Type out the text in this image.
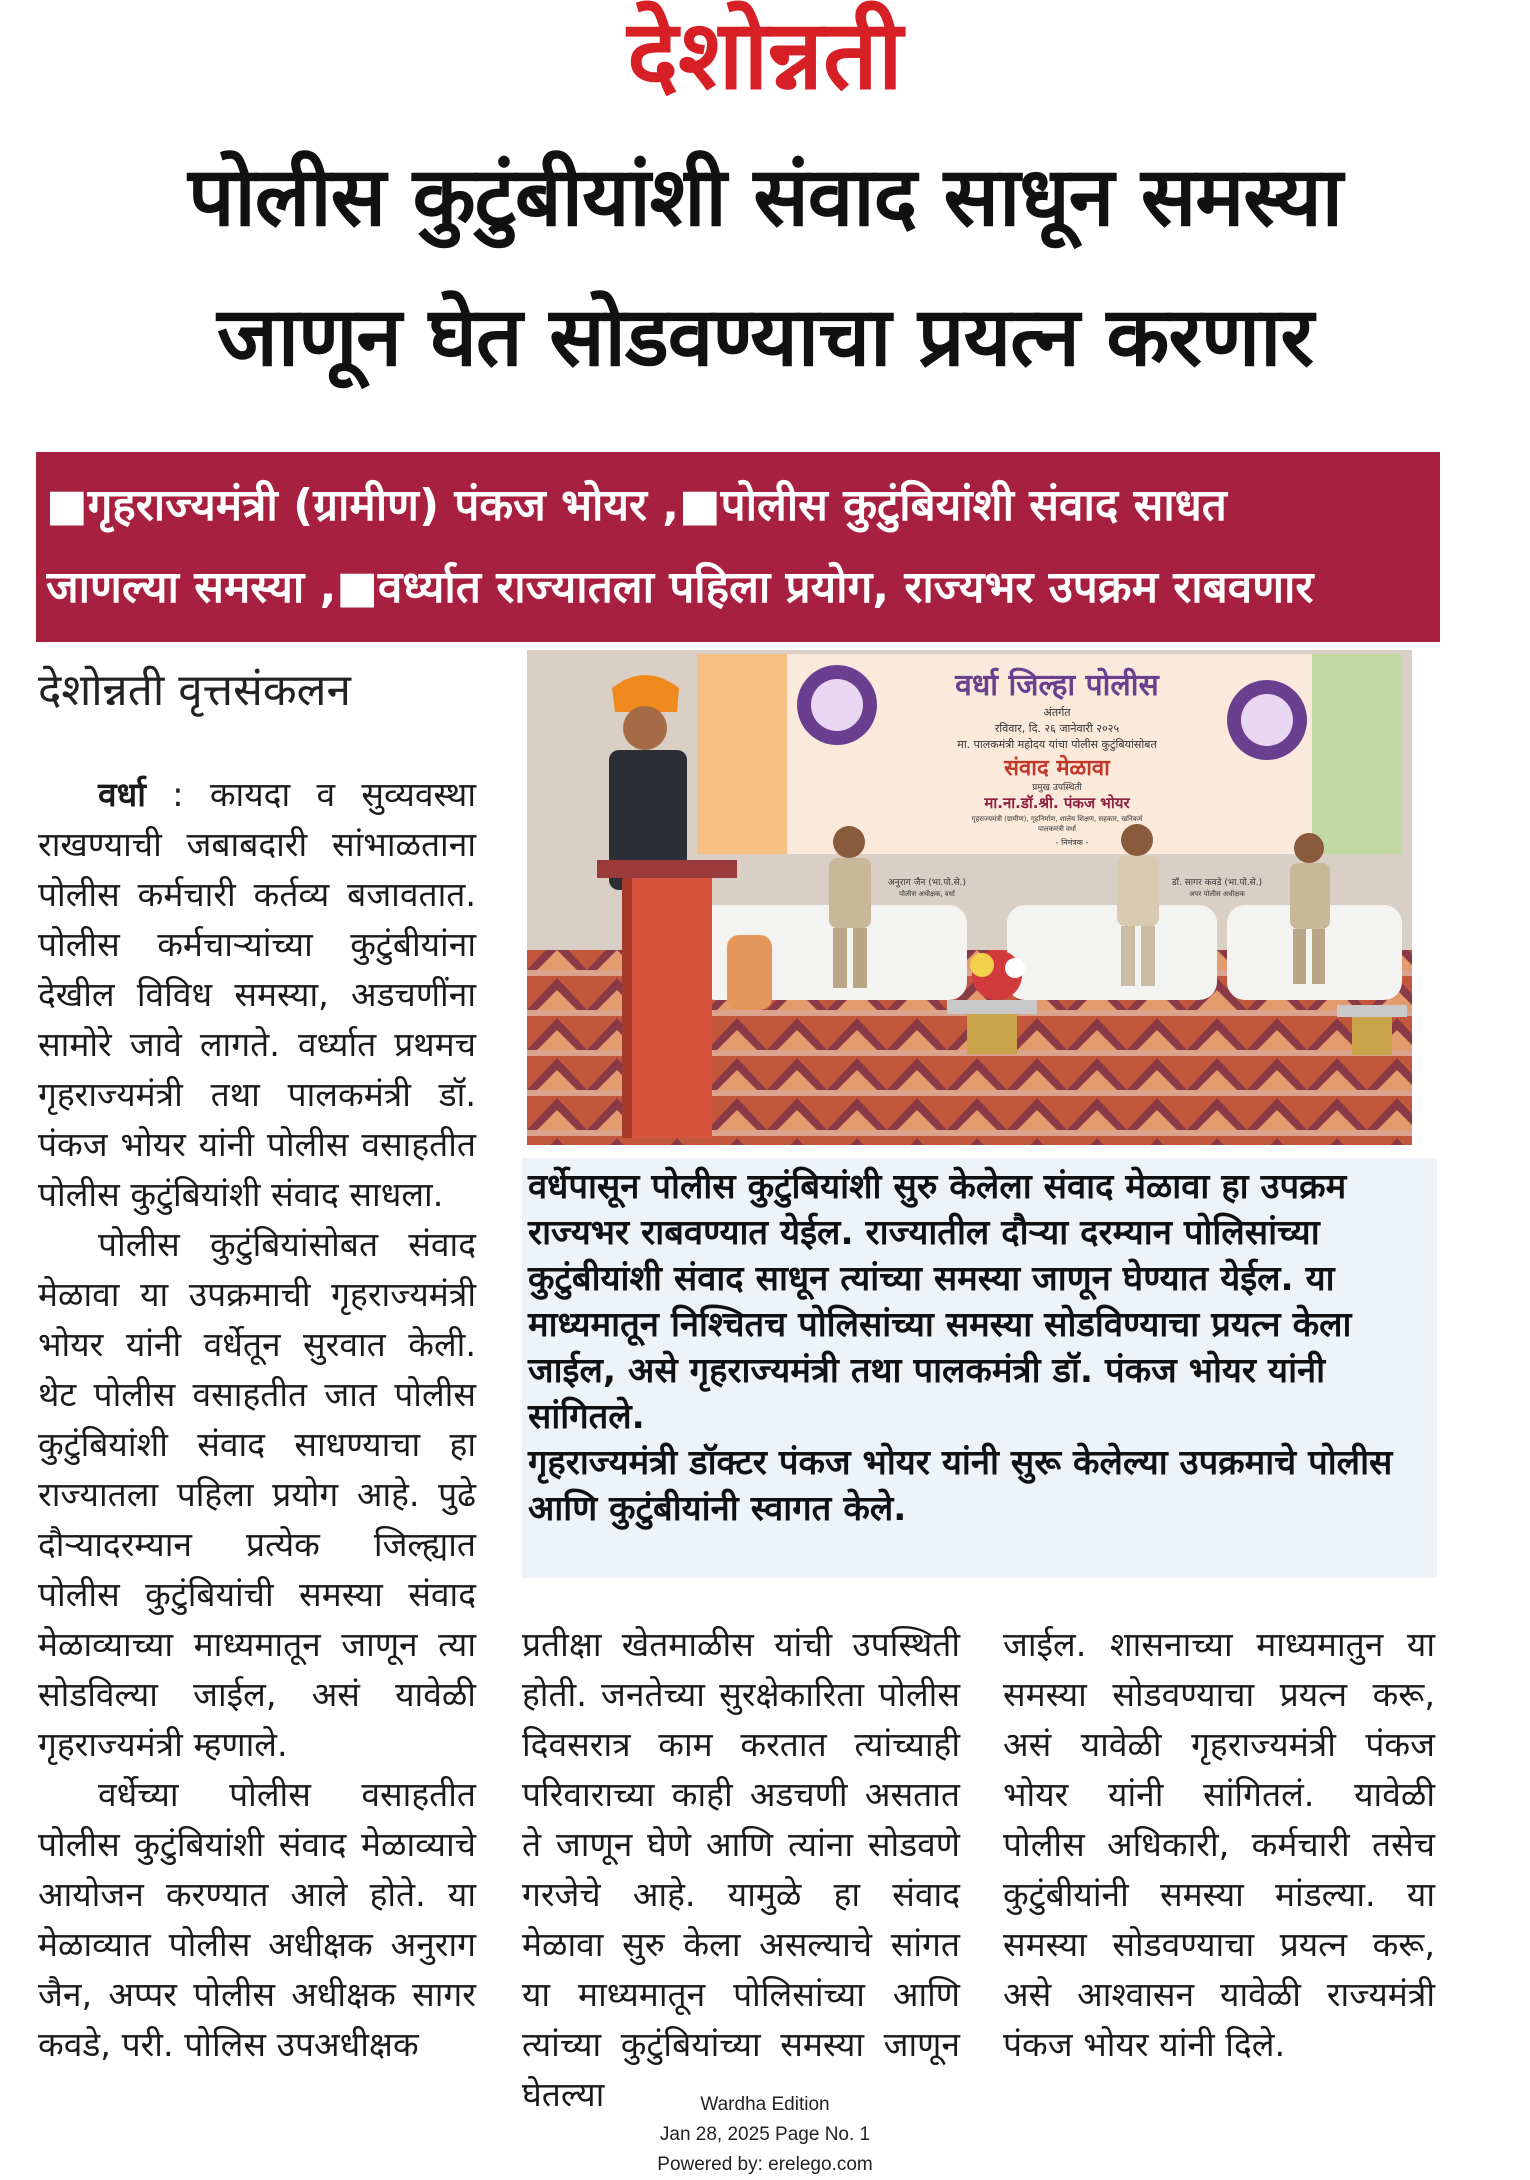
देशोन्नती
पोलीस कुटुंबीयांशी संवाद साधून समस्या
जाणून घेत सोडवण्याचा प्रयत्न करणार
■गृहराज्यमंत्री (ग्रामीण) पंकज भोयर ,■पोलीस कुटुंबियांशी संवाद साधत
जाणल्या समस्या ,■वर्ध्यात राज्यातला पहिला प्रयोग, राज्यभर उपक्रम राबवणार
देशोन्नती वृत्तसंकलन

वर्धा : कायदा व सुव्यवस्था राखण्याची जबाबदारी सांभाळताना पोलीस कर्मचारी कर्तव्य बजावतात. पोलीस कर्मचाऱ्यांच्या कुटुंबीयांना देखील विविध समस्या, अडचणींना सामोरे जावे लागते. वर्ध्यात प्रथमच गृहराज्यमंत्री तथा पालकमंत्री डॉ. पंकज भोयर यांनी पोलीस वसाहतीत पोलीस कुटुंबियांशी संवाद साधला.

पोलीस कुटुंबियांसोबत संवाद मेळावा या उपक्रमाची गृहराज्यमंत्री भोयर यांनी वर्धेतून सुरवात केली. थेट पोलीस वसाहतीत जात पोलीस कुटुंबियांशी संवाद साधण्याचा हा राज्यातला पहिला प्रयोग आहे. पुढे दौऱ्यादरम्यान प्रत्येक जिल्ह्यात पोलीस कुटुंबियांची समस्या संवाद मेळाव्याच्या माध्यमातून जाणून त्या सोडविल्या जाईल, असं यावेळी गृहराज्यमंत्री म्हणाले.

वर्धेच्या पोलीस वसाहतीत पोलीस कुटुंबियांशी संवाद मेळाव्याचे आयोजन करण्यात आले होते. या मेळाव्यात पोलीस अधीक्षक अनुराग जैन, अप्पर पोलीस अधीक्षक सागर कवडे, परी. पोलिस उपअधीक्षक

वर्धा जिल्हा पोलीस
अंतर्गत
रविवार, दि. २६ जानेवारी २०२५
मा. पालकमंत्री महोदय यांचा पोलीस कुटुंबियांसोबत
संवाद मेळावा
प्रमुख उपस्थिती
मा.ना.डॉ.श्री. पंकज भोयर
गृहराज्यमंत्री (ग्रामीण), गृहनिर्माण, शालेय शिक्षण, सहकार, खनिकर्म
पालकमंत्री वर्धा
- निमंत्रक -
अनुराग जैन (भा.पो.से.)
पोलीस अधीक्षक, वर्धा
डॉ. सागर कवडे (भा.पो.से.)
अपर पोलीस अधीक्षक

वर्धेपासून पोलीस कुटुंबियांशी सुरु केलेला संवाद मेळावा हा उपक्रम राज्यभर राबवण्यात येईल. राज्यातील दौऱ्या दरम्यान पोलिसांच्या कुटुंबीयांशी संवाद साधून त्यांच्या समस्या जाणून घेण्यात येईल. या माध्यमातून निश्चितच पोलिसांच्या समस्या सोडविण्याचा प्रयत्न केला जाईल, असे गृहराज्यमंत्री तथा पालकमंत्री डॉ. पंकज भोयर यांनी सांगितले.

गृहराज्यमंत्री डॉक्टर पंकज भोयर यांनी सुरू केलेल्या उपक्रमाचे पोलीस आणि कुटुंबीयांनी स्वागत केले.

प्रतीक्षा खेतमाळीस यांची उपस्थिती होती. जनतेच्या सुरक्षेकारिता पोलीस दिवसरात्र काम करतात त्यांच्याही परिवाराच्या काही अडचणी असतात ते जाणून घेणे आणि त्यांना सोडवणे गरजेचे आहे. यामुळे हा संवाद मेळावा सुरु केला असल्याचे सांगत या माध्यमातून पोलिसांच्या आणि त्यांच्या कुटुंबियांच्या समस्या जाणून घेतल्या

जाईल. शासनाच्या माध्यमातुन या समस्या सोडवण्याचा प्रयत्न करू, असं यावेळी गृहराज्यमंत्री पंकज भोयर यांनी सांगितलं. यावेळी पोलीस अधिकारी, कर्मचारी तसेच कुटुंबीयांनी समस्या मांडल्या. या समस्या सोडवण्याचा प्रयत्न करू, असे आश्वासन यावेळी राज्यमंत्री पंकज भोयर यांनी दिले.

Wardha Edition
Jan 28, 2025 Page No. 1
Powered by: erelego.com
